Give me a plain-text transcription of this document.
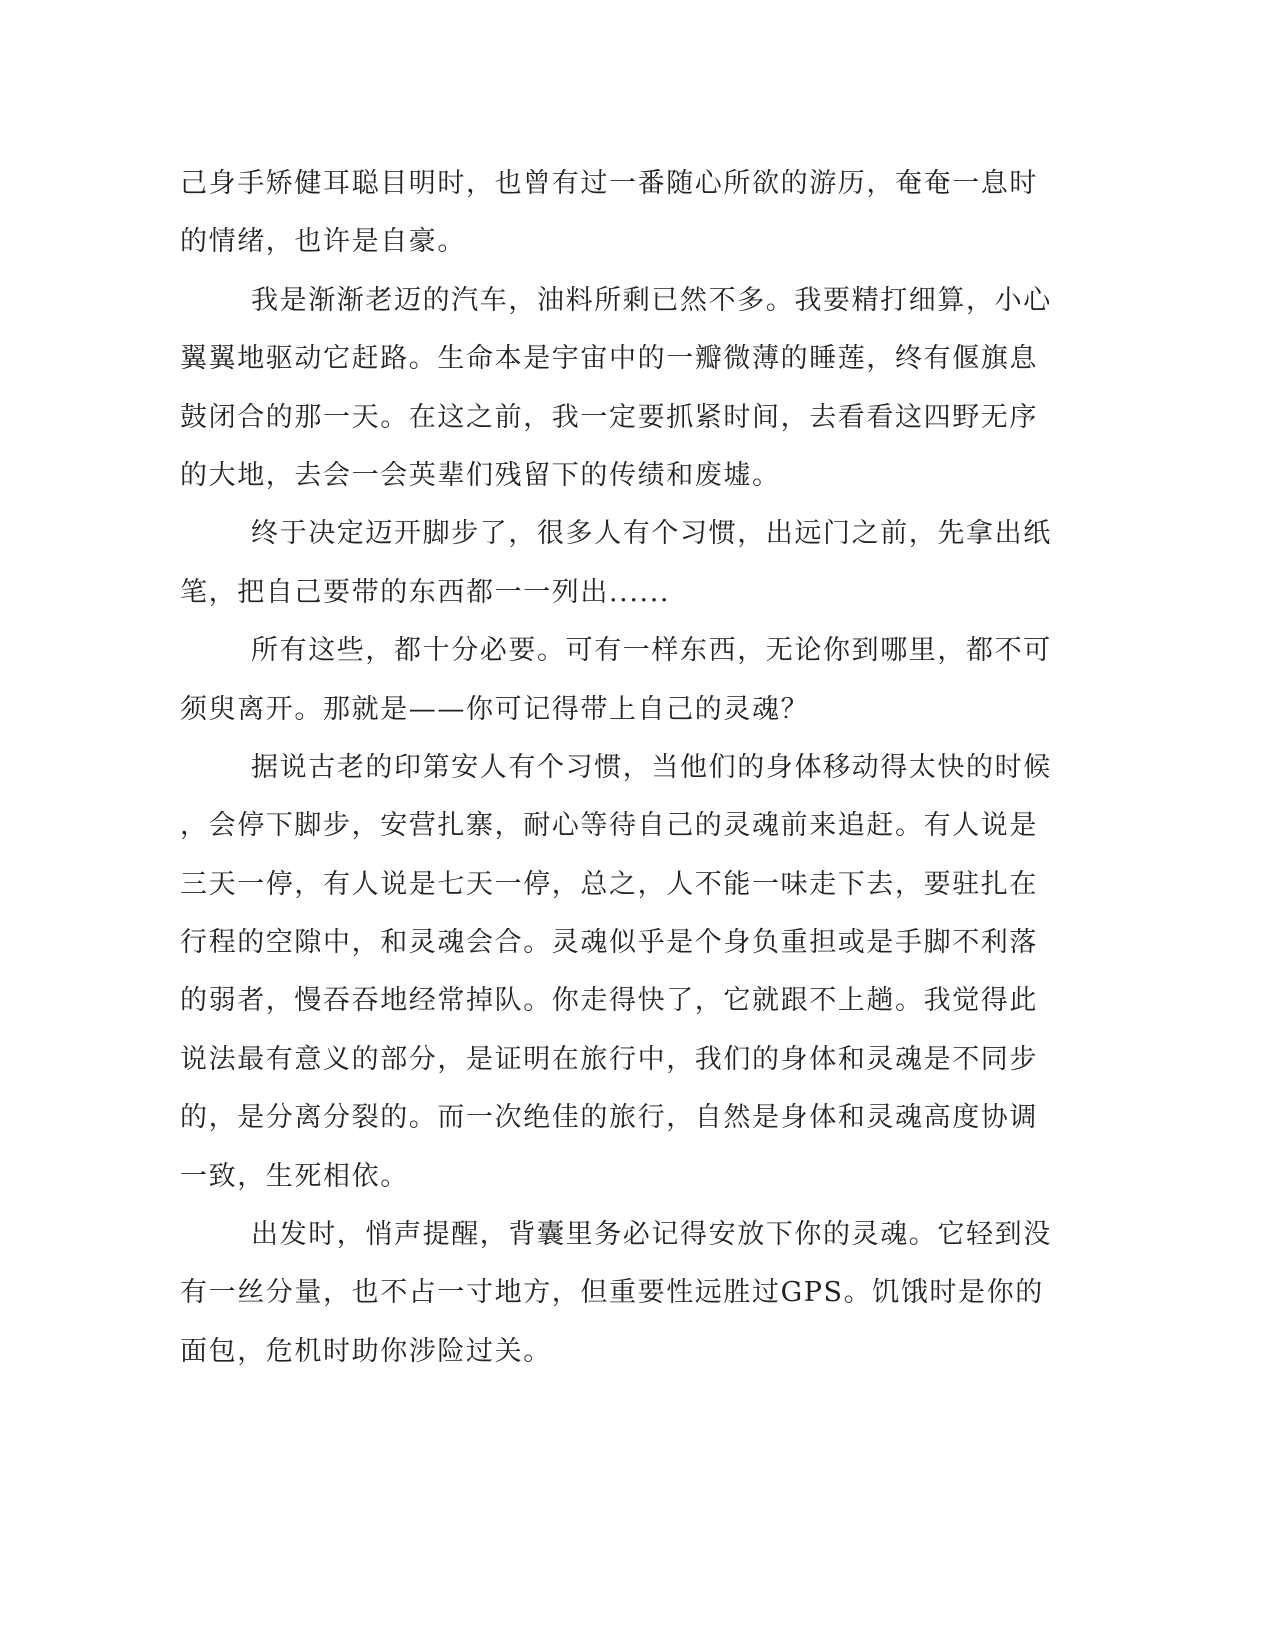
己身手矫健耳聪目明时，也曾有过一番随心所欲的游历，奄奄一息时
的情绪，也许是自豪。
我是渐渐老迈的汽车，油料所剩已然不多。我要精打细算，小心
翼翼地驱动它赶路。生命本是宇宙中的一瓣微薄的睡莲，终有偃旗息
鼓闭合的那一天。在这之前，我一定要抓紧时间，去看看这四野无序
的大地，去会一会英辈们残留下的传绩和废墟。
终于决定迈开脚步了，很多人有个习惯，出远门之前，先拿出纸
笔，把自己要带的东西都一一列出......
所有这些，都十分必要。可有一样东西，无论你到哪里，都不可
须臾离开。那就是——你可记得带上自己的灵魂？
据说古老的印第安人有个习惯，当他们的身体移动得太快的时候
，会停下脚步，安营扎寨，耐心等待自己的灵魂前来追赶。有人说是
三天一停，有人说是七天一停，总之，人不能一味走下去，要驻扎在
行程的空隙中，和灵魂会合。灵魂似乎是个身负重担或是手脚不利落
的弱者，慢吞吞地经常掉队。你走得快了，它就跟不上趟。我觉得此
说法最有意义的部分，是证明在旅行中，我们的身体和灵魂是不同步
的，是分离分裂的。而一次绝佳的旅行，自然是身体和灵魂高度协调
一致，生死相依。
出发时，悄声提醒，背囊里务必记得安放下你的灵魂。它轻到没
有一丝分量，也不占一寸地方，但重要性远胜过GPS。饥饿时是你的
面包，危机时助你涉险过关。
